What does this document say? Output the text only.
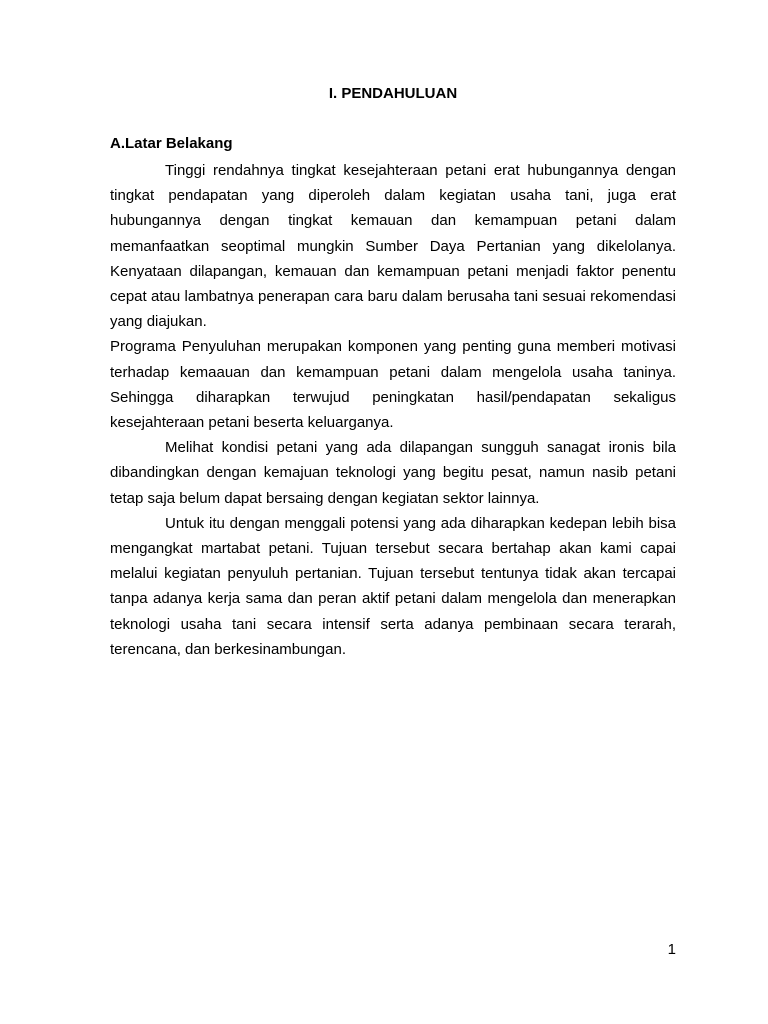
I. PENDAHULUAN
A.Latar Belakang

Tinggi rendahnya tingkat kesejahteraan petani erat hubungannya dengan tingkat pendapatan yang diperoleh dalam kegiatan usaha tani, juga erat hubungannya dengan tingkat kemauan dan kemampuan petani dalam memanfaatkan seoptimal mungkin Sumber Daya Pertanian yang dikelolanya. Kenyataan dilapangan, kemauan dan kemampuan petani menjadi faktor penentu cepat atau lambatnya penerapan cara baru dalam berusaha tani sesuai rekomendasi yang diajukan.

Programa Penyuluhan merupakan komponen yang penting guna memberi motivasi terhadap kemaauan dan kemampuan petani dalam mengelola usaha taninya. Sehingga diharapkan terwujud peningkatan hasil/pendapatan sekaligus kesejahteraan petani beserta keluarganya.

Melihat kondisi petani yang ada dilapangan sungguh sanagat ironis bila dibandingkan dengan kemajuan teknologi yang begitu pesat, namun nasib petani tetap saja belum dapat bersaing dengan kegiatan sektor lainnya.

Untuk itu dengan menggali potensi yang ada diharapkan kedepan lebih bisa mengangkat martabat petani. Tujuan tersebut secara bertahap akan kami capai melalui kegiatan penyuluh pertanian. Tujuan tersebut tentunya tidak akan tercapai tanpa adanya kerja sama dan peran aktif petani dalam mengelola dan menerapkan teknologi usaha tani secara intensif serta adanya pembinaan secara terarah, terencana, dan berkesinambungan.

1
